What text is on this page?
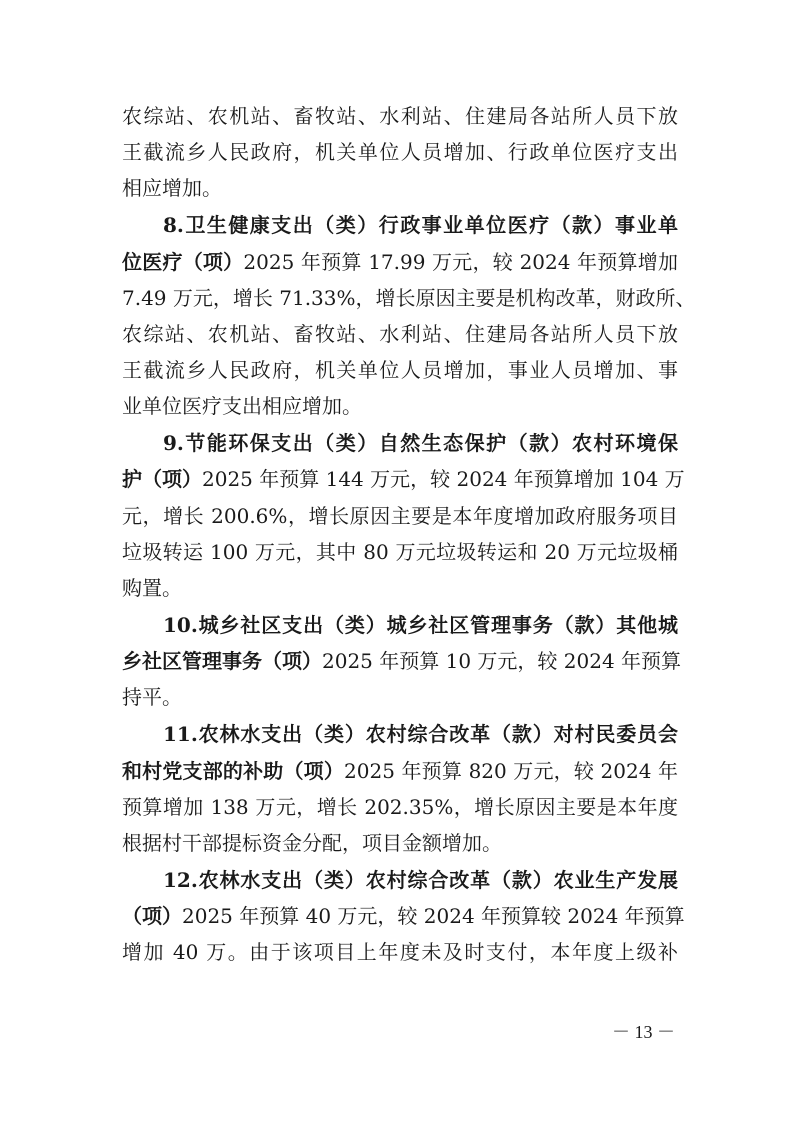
农综站、农机站、畜牧站、水利站、住建局各站所人员下放
王截流乡人民政府，机关单位人员增加、行政单位医疗支出
相应增加。
8.卫生健康支出（类）行政事业单位医疗（款）事业单
位医疗（项）2025 年预算 17.99 万元，较 2024 年预算增加
7.49 万元，增长 71.33%，增长原因主要是机构改革，财政所、
农综站、农机站、畜牧站、水利站、住建局各站所人员下放
王截流乡人民政府，机关单位人员增加，事业人员增加、事
业单位医疗支出相应增加。
9.节能环保支出（类）自然生态保护（款）农村环境保
护（项）2025 年预算 144 万元，较 2024 年预算增加 104 万
元，增长 200.6%，增长原因主要是本年度增加政府服务项目
垃圾转运 100 万元，其中 80 万元垃圾转运和 20 万元垃圾桶
购置。
10.城乡社区支出（类）城乡社区管理事务（款）其他城
乡社区管理事务（项）2025 年预算 10 万元，较 2024 年预算
持平。
11.农林水支出（类）农村综合改革（款）对村民委员会
和村党支部的补助（项）2025 年预算 820 万元，较 2024 年
预算增加 138 万元，增长 202.35%，增长原因主要是本年度
根据村干部提标资金分配，项目金额增加。
12.农林水支出（类）农村综合改革（款）农业生产发展
（项）2025 年预算 40 万元，较 2024 年预算较 2024 年预算
增加 40 万。由于该项目上年度未及时支付，本年度上级补
－ 13 －
